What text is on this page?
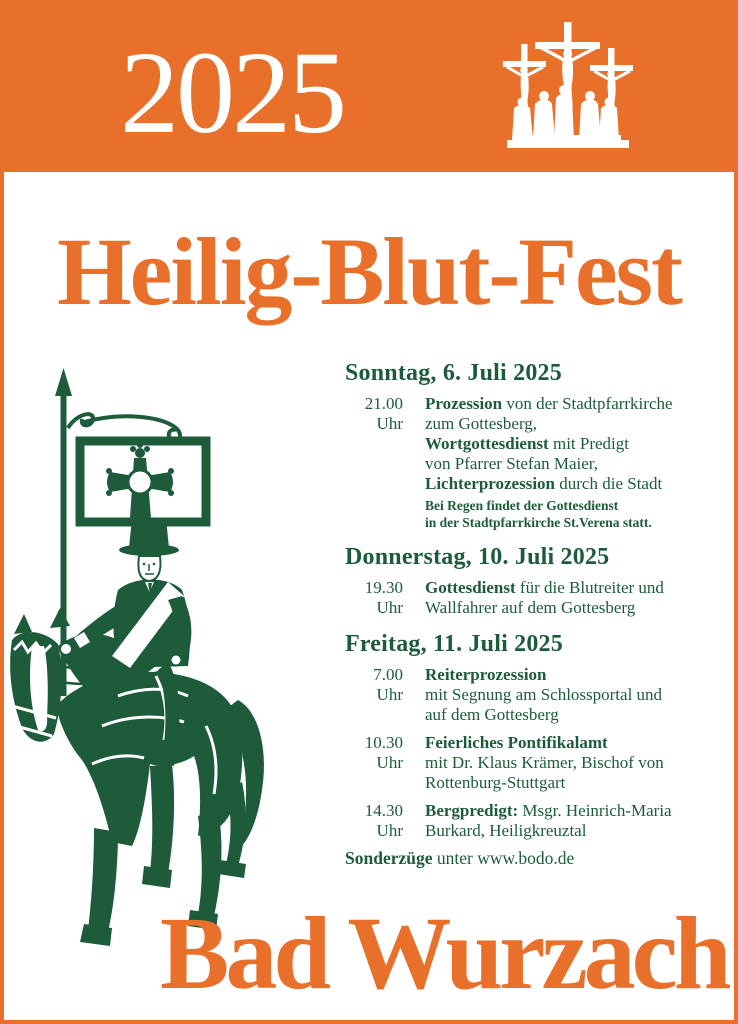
2025
Heilig-Blut-Fest
Sonntag, 6. Juli 2025
21.00 Uhr
Prozession von der Stadtpfarrkirche
zum Gottesberg,
Wortgottesdienst mit Predigt
von Pfarrer Stefan Maier,
Lichterprozession durch die Stadt
Bei Regen findet der Gottesdienst
in der Stadtpfarrkirche St.Verena statt.
Donnerstag, 10. Juli 2025
19.30 Uhr
Gottesdienst für die Blutreiter und
Wallfahrer auf dem Gottesberg
Freitag, 11. Juli 2025
7.00 Uhr
Reiterprozession
mit Segnung am Schlossportal und
auf dem Gottesberg
10.30 Uhr
Feierliches Pontifikalamt
mit Dr. Klaus Krämer, Bischof von
Rottenburg-Stuttgart
14.30 Uhr
Bergpredigt: Msgr. Heinrich-Maria
Burkard, Heiligkreuztal
Sonderzüge unter www.bodo.de
Bad Wurzach
